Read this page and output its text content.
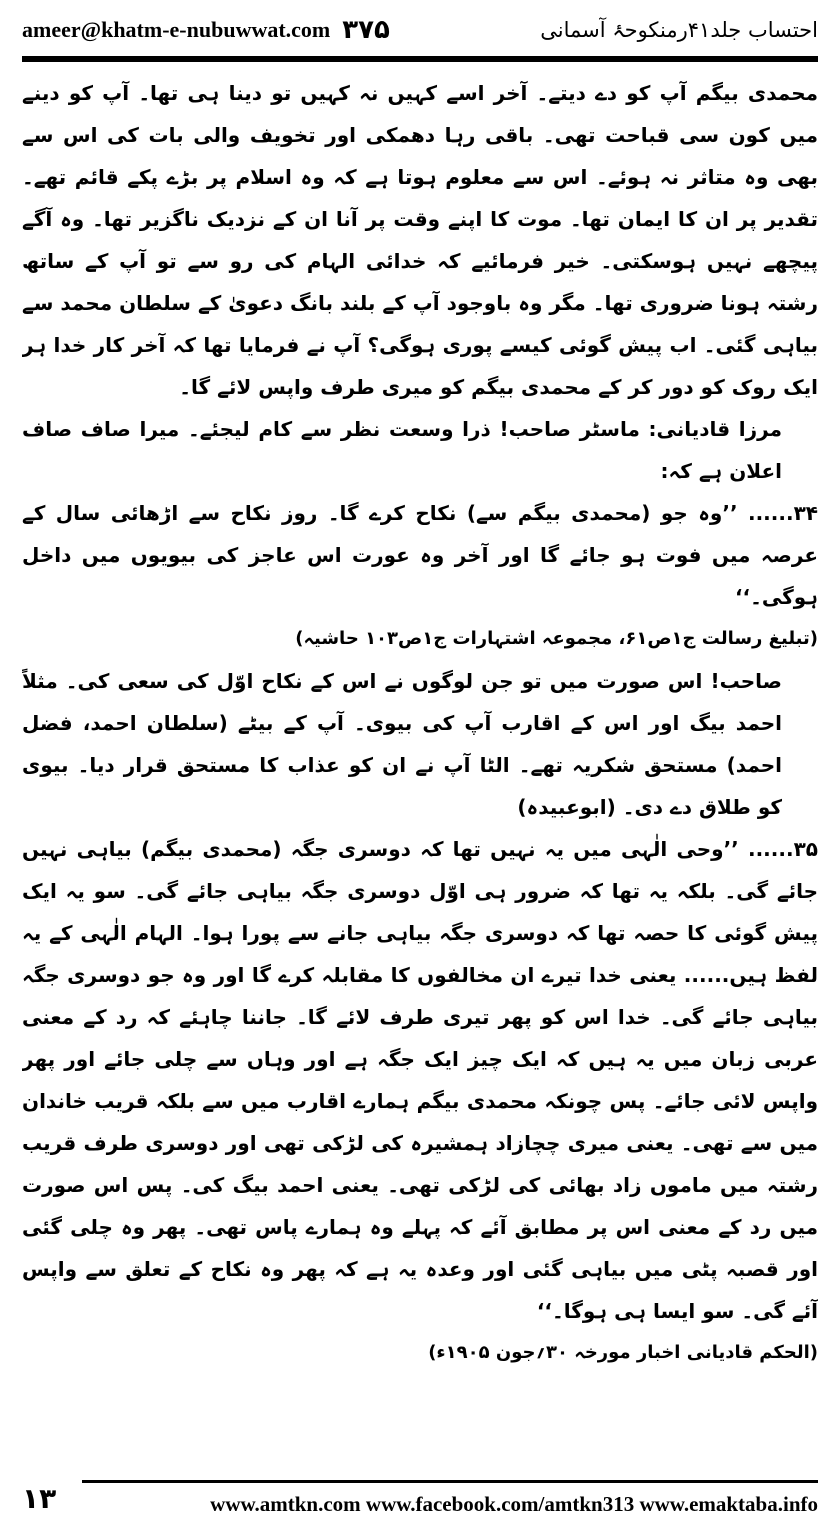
ameer@khatm-e-nubuwwat.com ۳۷۵	احتساب جلد۴۱رمنکوحۂ آسمانی

محمدی بیگم آپ کو دے دیتے۔ آخر اسے کہیں نہ کہیں تو دینا ہی تھا۔ آپ کو دینے میں کون سی قباحت تھی۔ باقی رہا دھمکی اور تخویف والی بات کی اس سے بھی وہ متاثر نہ ہوئے۔ اس سے معلوم ہوتا ہے کہ وہ اسلام پر بڑے پکے قائم تھے۔ تقدیر پر ان کا ایمان تھا۔ موت کا اپنے وقت پر آنا ان کے نزدیک ناگزیر تھا۔ وہ آگے پیچھے نہیں ہوسکتی۔ خیر فرمائیے کہ خدائی الہام کی رو سے تو آپ کے ساتھ رشتہ ہونا ضروری تھا۔ مگر وہ باوجود آپ کے بلند بانگ دعویٰ کے سلطان محمد سے بیاہی گئی۔ اب پیش گوئی کیسے پوری ہوگی؟ آپ نے فرمایا تھا کہ آخر کار خدا ہر ایک روک کو دور کر کے محمدی بیگم کو میری طرف واپس لائے گا۔

مرزا قادیانی: ماسٹر صاحب! ذرا وسعت نظر سے کام لیجئے۔ میرا صاف صاف اعلان ہے کہ:

۳۴...... ’’وہ جو (محمدی بیگم سے) نکاح کرے گا۔ روز نکاح سے اڑھائی سال کے عرصہ میں فوت ہو جائے گا اور آخر وہ عورت اس عاجز کی بیویوں میں داخل ہوگی۔‘‘

(تبلیغ رسالت ج۱ص۶۱، مجموعہ اشتہارات ج۱ص۱۰۳ حاشیہ)

صاحب! اس صورت میں تو جن لوگوں نے اس کے نکاح اوّل کی سعی کی۔ مثلاً احمد بیگ اور اس کے اقارب آپ کی بیوی۔ آپ کے بیٹے (سلطان احمد، فضل احمد) مستحق شکریہ تھے۔ الٹا آپ نے ان کو عذاب کا مستحق قرار دیا۔ بیوی کو طلاق دے دی۔ (ابوعبیدہ)

۳۵...... ’’وحی الٰہی میں یہ نہیں تھا کہ دوسری جگہ (محمدی بیگم) بیاہی نہیں جائے گی۔ بلکہ یہ تھا کہ ضرور ہی اوّل دوسری جگہ بیاہی جائے گی۔ سو یہ ایک پیش گوئی کا حصہ تھا کہ دوسری جگہ بیاہی جانے سے پورا ہوا۔ الہام الٰہی کے یہ لفظ ہیں...... یعنی خدا تیرے ان مخالفوں کا مقابلہ کرے گا اور وہ جو دوسری جگہ بیاہی جائے گی۔ خدا اس کو پھر تیری طرف لائے گا۔ جاننا چاہئے کہ رد کے معنی عربی زبان میں یہ ہیں کہ ایک چیز ایک جگہ ہے اور وہاں سے چلی جائے اور پھر واپس لائی جائے۔ پس چونکہ محمدی بیگم ہمارے اقارب میں سے بلکہ قریب خاندان میں سے تھی۔ یعنی میری چچازاد ہمشیرہ کی لڑکی تھی اور دوسری طرف قریب رشتہ میں ماموں زاد بھائی کی لڑکی تھی۔ یعنی احمد بیگ کی۔ پس اس صورت میں رد کے معنی اس پر مطابق آئے کہ پہلے وہ ہمارے پاس تھی۔ پھر وہ چلی گئی اور قصبہ پٹی میں بیاہی گئی اور وعدہ یہ ہے کہ پھر وہ نکاح کے تعلق سے واپس آئے گی۔ سو ایسا ہی ہوگا۔‘‘

(الحکم قادیانی اخبار مورخہ ۳۰؍جون ۱۹۰۵ء)

۱۳	www.amtkn.com www.facebook.com/amtkn313 www.emaktaba.info
